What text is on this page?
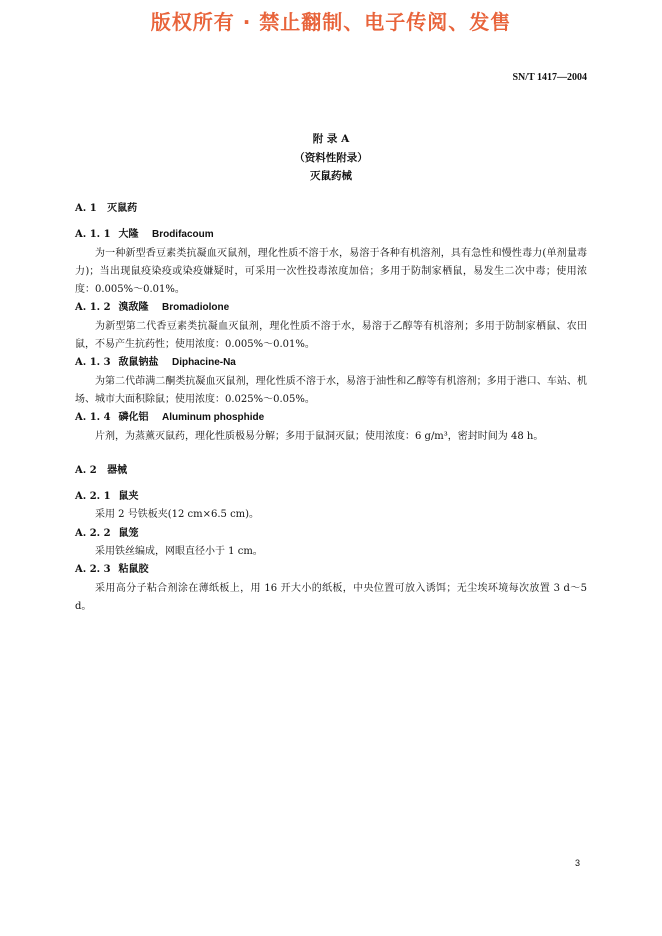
版权所有 · 禁止翻制、电子传阅、发售
SN/T 1417—2004
附 录 A
（资料性附录）
灭鼠药械
A. 1 灭鼠药
A. 1. 1 大隆 Brodifacoum

为一种新型香豆素类抗凝血灭鼠剂，理化性质不溶于水，易溶于各种有机溶剂，具有急性和慢性毒力(单剂量毒力)；当出现鼠疫染疫或染疫嫌疑时，可采用一次性投毒浓度加倍；多用于防制家栖鼠，易发生二次中毒；使用浓度：0.005%～0.01%。

A. 1. 2 溴敌隆 Bromadiolone

为新型第二代香豆素类抗凝血灭鼠剂，理化性质不溶于水，易溶于乙醇等有机溶剂；多用于防制家栖鼠、农田鼠，不易产生抗药性；使用浓度：0.005%～0.01%。

A. 1. 3 敌鼠钠盐 Diphacine-Na

为第二代茚满二酮类抗凝血灭鼠剂，理化性质不溶于水，易溶于油性和乙醇等有机溶剂；多用于港口、车站、机场、城市大面积除鼠；使用浓度：0.025%～0.05%。

A. 1. 4 磷化铝 Aluminum phosphide

片剂，为蒸薰灭鼠药，理化性质极易分解；多用于鼠洞灭鼠；使用浓度：6 g/m³，密封时间为 48 h。

A. 2 器械
A. 2. 1 鼠夹

采用 2 号铁板夹(12 cm×6.5 cm)。

A. 2. 2 鼠笼

采用铁丝编成，网眼直径小于 1 cm。

A. 2. 3 粘鼠胶

采用高分子粘合剂涂在薄纸板上，用 16 开大小的纸板，中央位置可放入诱饵；无尘埃环境每次放置 3 d～5 d。

3
